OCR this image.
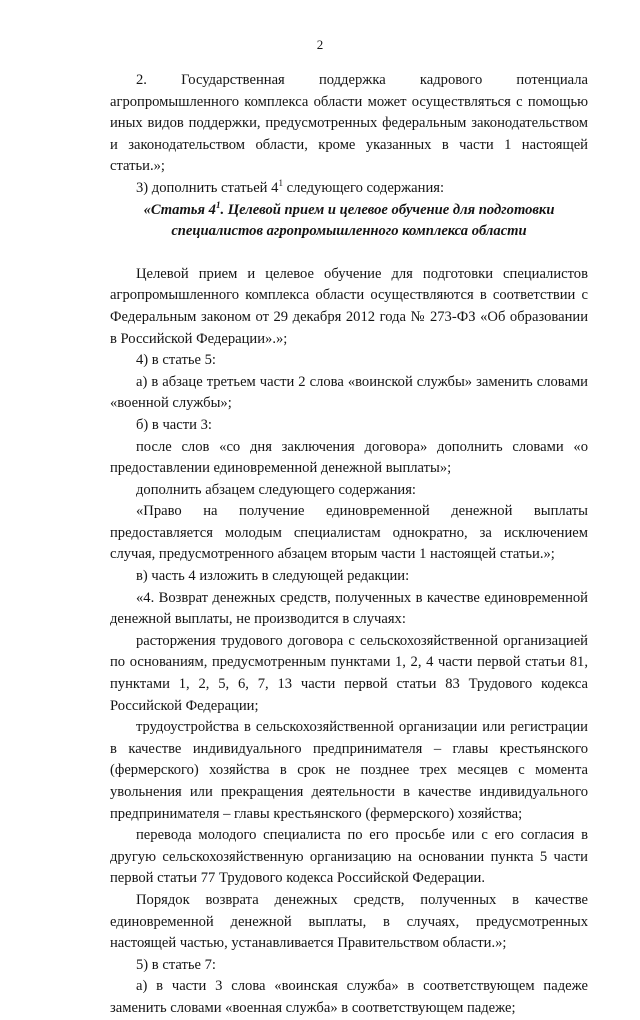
2

2. Государственная поддержка кадрового потенциала агропромышленного комплекса области может осуществляться с помощью иных видов поддержки, предусмотренных федеральным законодательством и законодательством области, кроме указанных в части 1 настоящей статьи.»;

3) дополнить статьей $4^1$ следующего содержания:

«Статья $4^1$. Целевой прием и целевое обучение для подготовки специалистов агропромышленного комплекса области

Целевой прием и целевое обучение для подготовки специалистов агропромышленного комплекса области осуществляются в соответствии с Федеральным законом от 29 декабря 2012 года № 273-ФЗ «Об образовании в Российской Федерации».»;

4) в статье 5:

а) в абзаце третьем части 2 слова «воинской службы» заменить словами «военной службы»;

б) в части 3:

после слов «со дня заключения договора» дополнить словами «о предоставлении единовременной денежной выплаты»;

дополнить абзацем следующего содержания:

«Право на получение единовременной денежной выплаты предоставляется молодым специалистам однократно, за исключением случая, предусмотренного абзацем вторым части 1 настоящей статьи.»;

в) часть 4 изложить в следующей редакции:

«4. Возврат денежных средств, полученных в качестве единовременной денежной выплаты, не производится в случаях:

расторжения трудового договора с сельскохозяйственной организацией по основаниям, предусмотренным пунктами 1, 2, 4 части первой статьи 81, пунктами 1, 2, 5, 6, 7, 13 части первой статьи 83 Трудового кодекса Российской Федерации;

трудоустройства в сельскохозяйственной организации или регистрации в качестве индивидуального предпринимателя – главы крестьянского (фермерского) хозяйства в срок не позднее трех месяцев с момента увольнения или прекращения деятельности в качестве индивидуального предпринимателя – главы крестьянского (фермерского) хозяйства;

перевода молодого специалиста по его просьбе или с его согласия в другую сельскохозяйственную организацию на основании пункта 5 части первой статьи 77 Трудового кодекса Российской Федерации.

Порядок возврата денежных средств, полученных в качестве единовременной денежной выплаты, в случаях, предусмотренных настоящей частью, устанавливается Правительством области.»;

5) в статье 7:

а) в части 3 слова «воинская служба» в соответствующем падеже заменить словами «военная служба» в соответствующем падеже;
